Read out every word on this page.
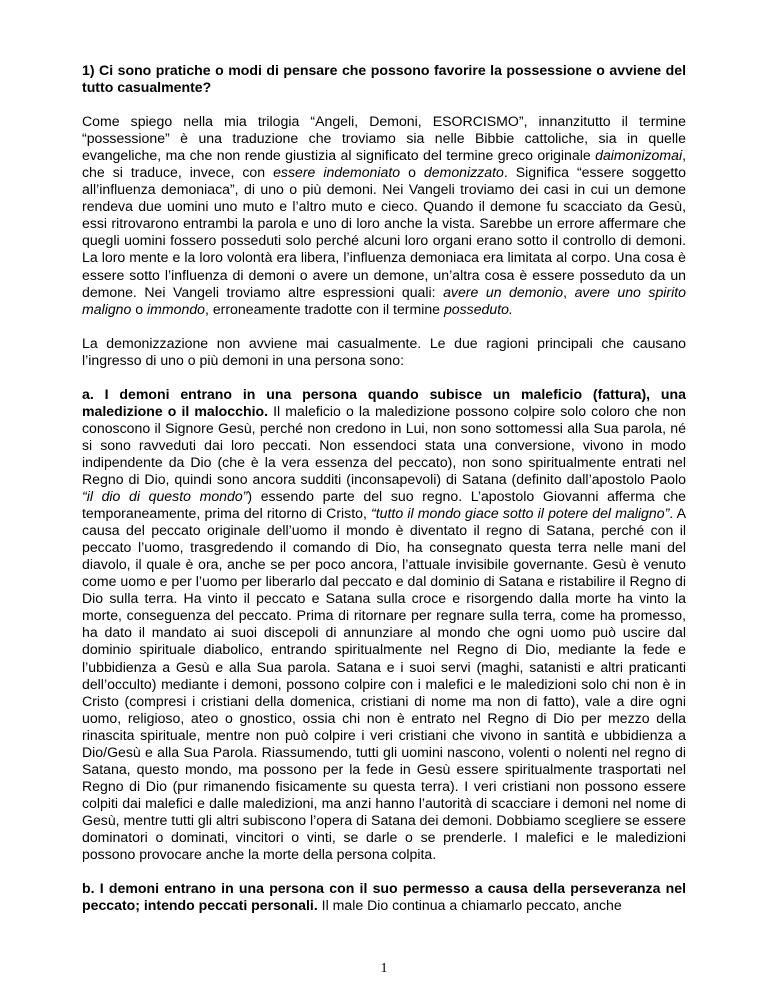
1) Ci sono pratiche o modi di pensare che possono favorire la possessione o avviene del tutto casualmente?

Come spiego nella mia trilogia “Angeli, Demoni, ESORCISMO”, innanzitutto il termine “possessione” è una traduzione che troviamo sia nelle Bibbie cattoliche, sia in quelle evangeliche, ma che non rende giustizia al significato del termine greco originale daimonizomai, che si traduce, invece, con essere indemoniato o demonizzato. Significa “essere soggetto all’influenza demoniaca”, di uno o più demoni. Nei Vangeli troviamo dei casi in cui un demone rendeva due uomini uno muto e l’altro muto e cieco. Quando il demone fu scacciato da Gesù, essi ritrovarono entrambi la parola e uno di loro anche la vista. Sarebbe un errore affermare che quegli uomini fossero posseduti solo perché alcuni loro organi erano sotto il controllo di demoni. La loro mente e la loro volontà era libera, l’influenza demoniaca era limitata al corpo. Una cosa è essere sotto l’influenza di demoni o avere un demone, un’altra cosa è essere posseduto da un demone. Nei Vangeli troviamo altre espressioni quali: avere un demonio, avere uno spirito maligno o immondo, erroneamente tradotte con il termine posseduto.

La demonizzazione non avviene mai casualmente. Le due ragioni principali che causano l’ingresso di uno o più demoni in una persona sono:

a. I demoni entrano in una persona quando subisce un maleficio (fattura), una maledizione o il malocchio. Il maleficio o la maledizione possono colpire solo coloro che non conoscono il Signore Gesù, perché non credono in Lui, non sono sottomessi alla Sua parola, né si sono ravveduti dai loro peccati. Non essendoci stata una conversione, vivono in modo indipendente da Dio (che è la vera essenza del peccato), non sono spiritualmente entrati nel Regno di Dio, quindi sono ancora sudditi (inconsapevoli) di Satana (definito dall’apostolo Paolo “il dio di questo mondo”) essendo parte del suo regno. L’apostolo Giovanni afferma che temporaneamente, prima del ritorno di Cristo, “tutto il mondo giace sotto il potere del maligno”. A causa del peccato originale dell’uomo il mondo è diventato il regno di Satana, perché con il peccato l’uomo, trasgredendo il comando di Dio, ha consegnato questa terra nelle mani del diavolo, il quale è ora, anche se per poco ancora, l’attuale invisibile governante. Gesù è venuto come uomo e per l’uomo per liberarlo dal peccato e dal dominio di Satana e ristabilire il Regno di Dio sulla terra. Ha vinto il peccato e Satana sulla croce e risorgendo dalla morte ha vinto la morte, conseguenza del peccato. Prima di ritornare per regnare sulla terra, come ha promesso, ha dato il mandato ai suoi discepoli di annunziare al mondo che ogni uomo può uscire dal dominio spirituale diabolico, entrando spiritualmente nel Regno di Dio, mediante la fede e l’ubbidienza a Gesù e alla Sua parola. Satana e i suoi servi (maghi, satanisti e altri praticanti dell’occulto) mediante i demoni, possono colpire con i malefici e le maledizioni solo chi non è in Cristo (compresi i cristiani della domenica, cristiani di nome ma non di fatto), vale a dire ogni uomo, religioso, ateo o gnostico, ossia chi non è entrato nel Regno di Dio per mezzo della rinascita spirituale, mentre non può colpire i veri cristiani che vivono in santità e ubbidienza a Dio/Gesù e alla Sua Parola. Riassumendo, tutti gli uomini nascono, volenti o nolenti nel regno di Satana, questo mondo, ma possono per la fede in Gesù essere spiritualmente trasportati nel Regno di Dio (pur rimanendo fisicamente su questa terra). I veri cristiani non possono essere colpiti dai malefici e dalle maledizioni, ma anzi hanno l’autorità di scacciare i demoni nel nome di Gesù, mentre tutti gli altri subiscono l’opera di Satana dei demoni. Dobbiamo scegliere se essere dominatori o dominati, vincitori o vinti, se darle o se prenderle. I malefici e le maledizioni possono provocare anche la morte della persona colpita.

b. I demoni entrano in una persona con il suo permesso a causa della perseveranza nel peccato; intendo peccati personali. Il male Dio continua a chiamarlo peccato, anche

1
